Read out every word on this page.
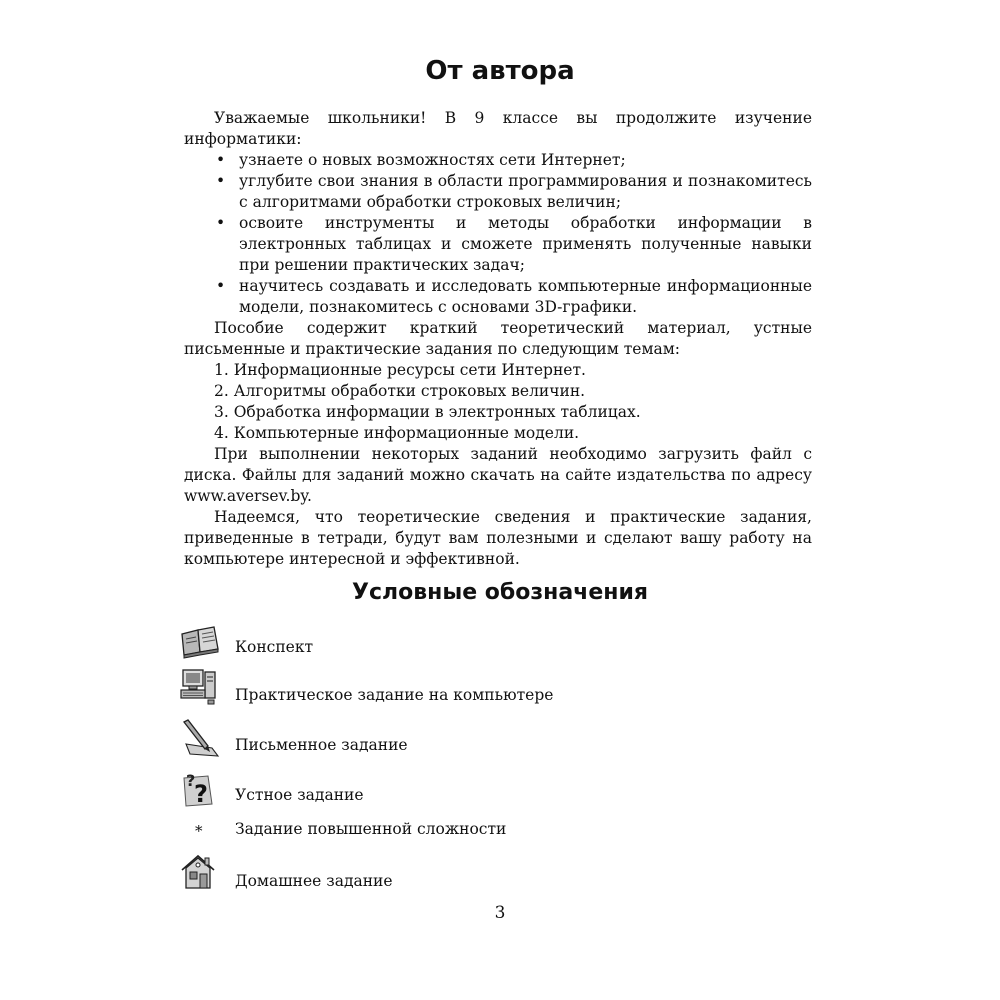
От автора

Уважаемые школьники! В 9 классе вы продолжите изучение информатики:

• узнаете о новых возможностях сети Интернет;
• углубите свои знания в области программирования и познакомитесь с алгоритмами обработки строковых величин;
• освоите инструменты и методы обработки информации в электронных таблицах и сможете применять полученные навыки при решении практических задач;
• научитесь создавать и исследовать компьютерные информационные модели, познакомитесь с основами 3D-графики.

Пособие содержит краткий теоретический материал, устные письменные и практические задания по следующим темам:

1. Информационные ресурсы сети Интернет.
2. Алгоритмы обработки строковых величин.
3. Обработка информации в электронных таблицах.
4. Компьютерные информационные модели.

При выполнении некоторых заданий необходимо загрузить файл с диска. Файлы для заданий можно скачать на сайте издательства по адресу www.aversev.by.

Надеемся, что теоретические сведения и практические задания, приведенные в тетради, будут вам полезными и сделают вашу работу на компьютере интересной и эффективной.

Условные обозначения
Конспект
Практическое задание на компьютере
Письменное задание
?
? Устное задание
* Задание повышенной сложности
Домашнее задание
3
